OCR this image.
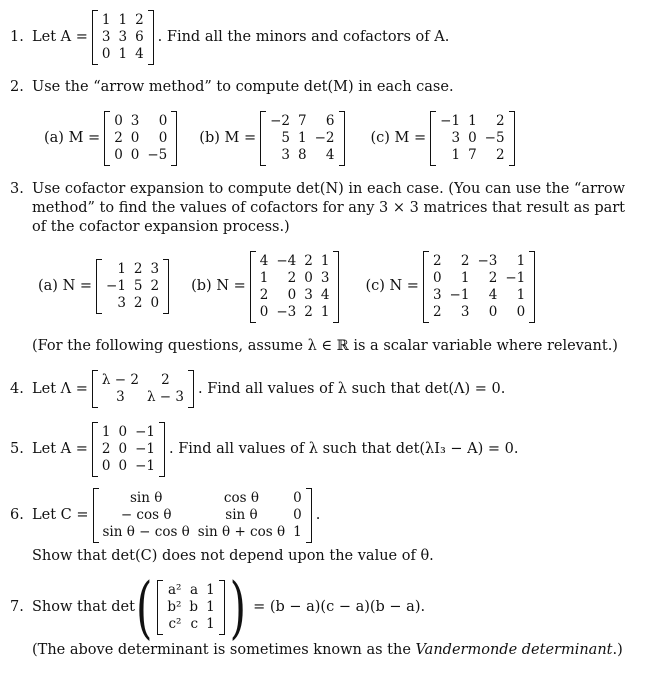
1. Let A =
1	1	2
3	3	6
0	1	4
. Find all the minors and cofactors of A.
2. Use the “arrow method” to compute det(M) in each case.
(a) M =
0	3	0
2	0	0
0	0	−5
(b) M =
−2	7	6
5	1	−2
3	8	4
(c) M =
−1	1	2
3	0	−5
1	7	2
3. Use cofactor expansion to compute det(N) in each case. (You can use the “arrow method” to find the values of cofactors for any 3 × 3 matrices that result as part of the cofactor expansion process.)
(a) N =
1	2	3
−1	5	2
3	2	0
(b) N =
4	−4	2	1
1	2	0	3
2	0	3	4
0	−3	2	1
(c) N =
2	2	−3	1
0	1	2	−1
3	−1	4	1
2	3	0	0
(For the following questions, assume λ ∈ ℝ is a scalar variable where relevant.)
4. Let Λ =
λ − 2	2
3	λ − 3
. Find all values of λ such that det(Λ) = 0.
5. Let A =
1	0	−1
2	0	−1
0	0	−1
. Find all values of λ such that det(λI₃ − A) = 0.
6. Let C =
sin θ	cos θ	0
− cos θ	sin θ	0
sin θ − cos θ	sin θ + cos θ	1
.
Show that det(C) does not depend upon the value of θ.
7. Show that det ( a²	a	1
b²	b	1
c²	c	1 ) = (b − a)(c − a)(b − a).
(The above determinant is sometimes known as the
Vandermonde determinant .)
